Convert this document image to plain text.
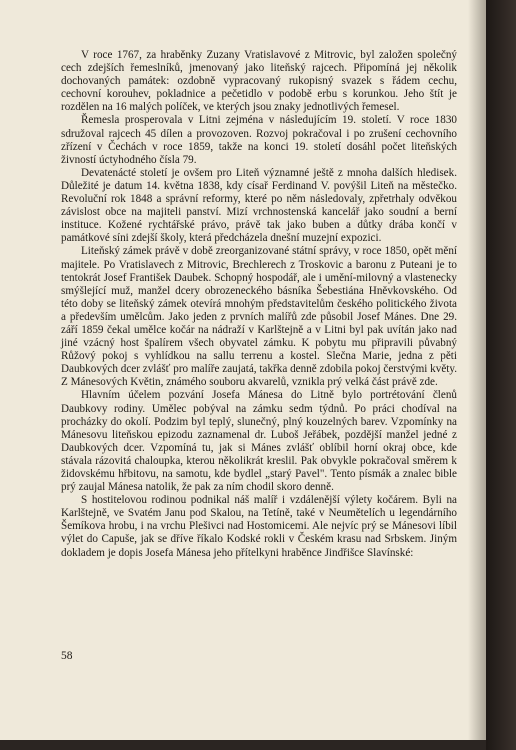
V roce 1767, za hraběnky Zuzany Vratislavové z Mitrovic, byl založen společný cech zdejších řemeslníků, jmenovaný jako liteňský rajcech. Připomíná jej několik dochovaných památek: ozdobně vypracovaný rukopisný svazek s řádem cechu, cechovní korouhev, pokladnice a pečetidlo v podobě erbu s korunkou. Jeho štít je rozdělen na 16 malých políček, ve kterých jsou znaky jednotlivých řemesel.

Řemesla prosperovala v Litni zejména v následujícím 19. století. V roce 1830 sdružoval rajcech 45 dílen a provozoven. Rozvoj pokračoval i po zrušení cechovního zřízení v Čechách v roce 1859, takže na konci 19. století dosáhl počet liteňských živností úctyhodného čísla 79.

Devatenácté století je ovšem pro Liteň významné ještě z mnoha dalších hledisek. Důležité je datum 14. května 1838, kdy císař Ferdinand V. povýšil Liteň na městečko. Revoluční rok 1848 a správní reformy, které po něm následovaly, zpřetrhaly odvěkou závislost obce na majiteli panství. Mizí vrchnostenská kancelář jako soudní a berní instituce. Kožené rychtářské právo, právě tak jako buben a důtky drába končí v památkové síni zdejší školy, která předcházela dnešní muzejní expozici.

Liteňský zámek právě v době zreorganizované státní správy, v roce 1850, opět mění majitele. Po Vratislavech z Mitrovic, Brechlerech z Troskovic a baronu z Puteani je to tentokrát Josef František Daubek. Schopný hospodář, ale i umění-milovný a vlastenecky smýšlející muž, manžel dcery obrozeneckého básníka Šebestiána Hněvkovského. Od této doby se liteňský zámek otevírá mnohým představitelům českého politického života a především umělcům. Jako jeden z prvních malířů zde působil Josef Mánes. Dne 29. září 1859 čekal umělce kočár na nádraží v Karlštejně a v Litni byl pak uvítán jako nad jiné vzácný host špalírem všech obyvatel zámku. K pobytu mu připravili půvabný Růžový pokoj s vyhlídkou na sallu terrenu a kostel. Slečna Marie, jedna z pěti Daubkových dcer zvlášť pro malíře zaujatá, takřka denně zdobila pokoj čerstvými květy. Z Mánesových Květin, známého souboru akvarelů, vznikla prý velká část právě zde.

Hlavním účelem pozvání Josefa Mánesa do Litně bylo portrétování členů Daubkovy rodiny. Umělec pobýval na zámku sedm týdnů. Po práci chodíval na procházky do okolí. Podzim byl teplý, slunečný, plný kouzelných barev. Vzpomínky na Mánesovu liteňskou epizodu zaznamenal dr. Luboš Jeřábek, pozdější manžel jedné z Daubkových dcer. Vzpomíná tu, jak si Mánes zvlášť oblíbil horní okraj obce, kde stávala rázovitá chaloupka, kterou několikrát kreslil. Pak obvykle pokračoval směrem k židovskému hřbitovu, na samotu, kde bydlel „starý Pavel". Tento písmák a znalec bible prý zaujal Mánesa natolik, že pak za ním chodil skoro denně.

S hostitelovou rodinou podnikal náš malíř i vzdálenější výlety kočárem. Byli na Karlštejně, ve Svatém Janu pod Skalou, na Tetíně, také v Neumětelích u legendárního Šemíkova hrobu, i na vrchu Plešivci nad Hostomicemi. Ale nejvíc prý se Mánesovi líbil výlet do Capuše, jak se dříve říkalo Kodské rokli v Českém krasu nad Srbskem. Jiným dokladem je dopis Josefa Mánesa jeho přítelkyni hraběnce Jindřišce Slavínské:

58
